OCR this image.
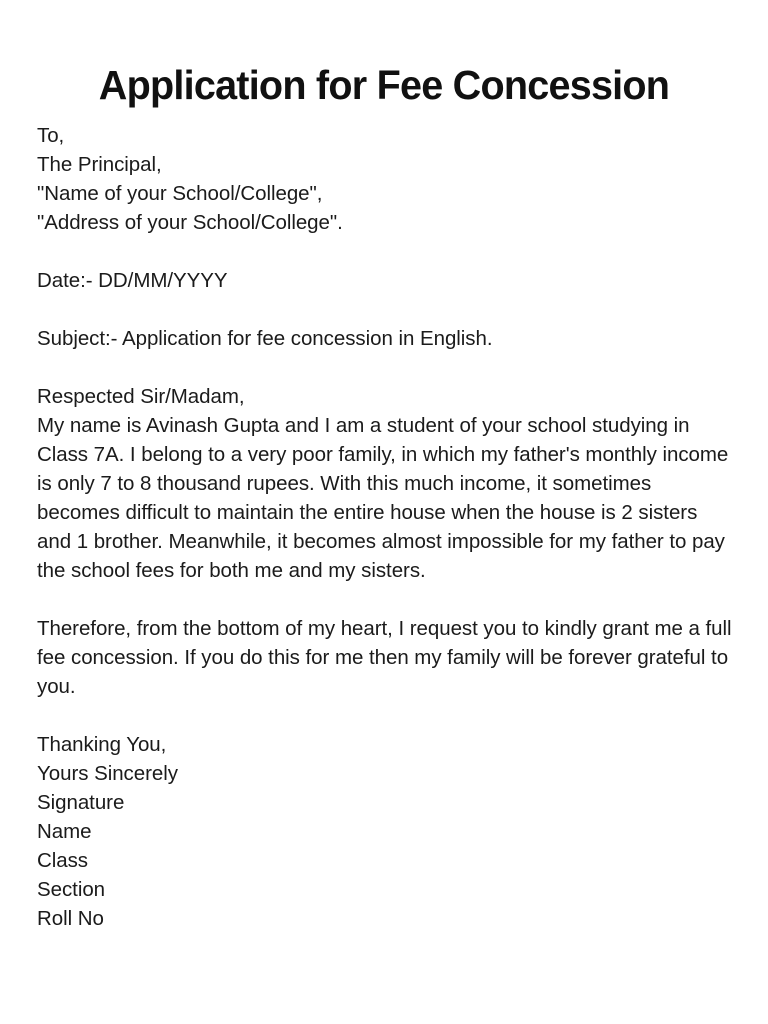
Application for Fee Concession
To,
The Principal,
"Name of your School/College",
"Address of your School/College".
Date:- DD/MM/YYYY
Subject:- Application for fee concession in English.
Respected Sir/Madam,
My name is Avinash Gupta and I am a student of your school studying in Class 7A. I belong to a very poor family, in which my father's monthly income is only 7 to 8 thousand rupees. With this much income, it sometimes becomes difficult to maintain the entire house when the house is 2 sisters and 1 brother. Meanwhile, it becomes almost impossible for my father to pay the school fees for both me and my sisters.
Therefore, from the bottom of my heart, I request you to kindly grant me a full fee concession. If you do this for me then my family will be forever grateful to you.
Thanking You,
Yours Sincerely
Signature
Name
Class
Section
Roll No
